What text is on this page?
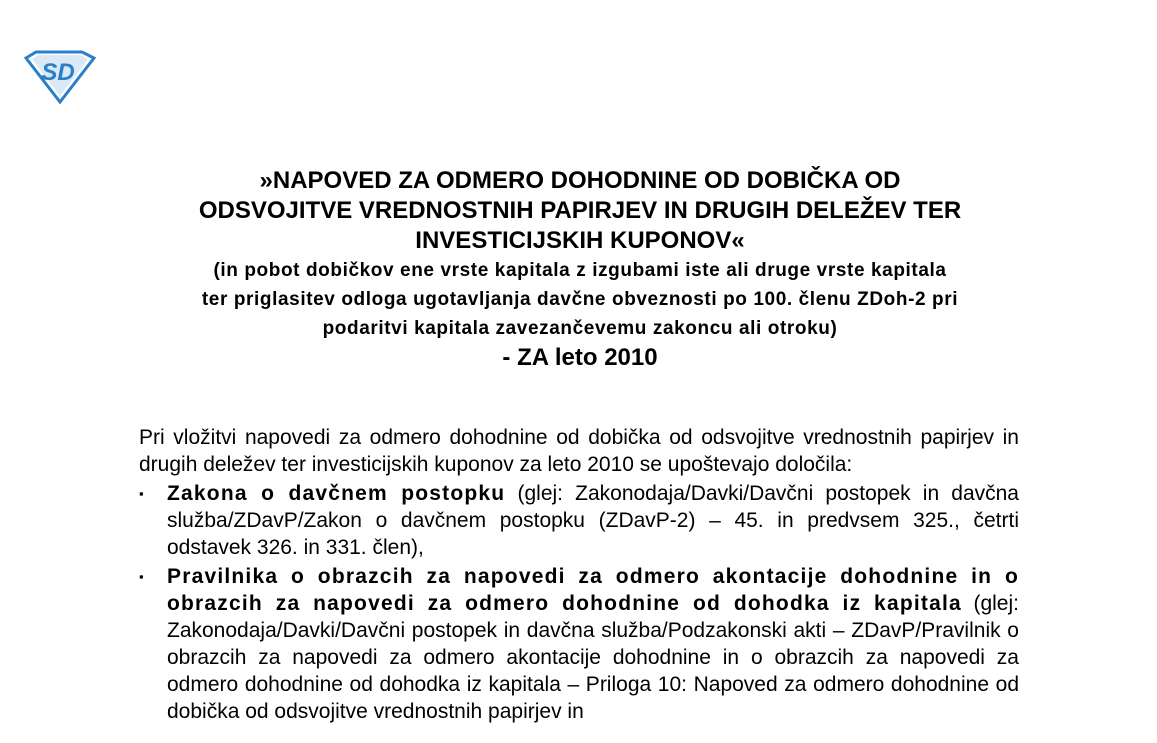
SD

»NAPOVED ZA ODMERO DOHODNINE OD DOBIČKA OD
ODSVOJITVE VREDNOSTNIH PAPIRJEV IN DRUGIH DELEŽEV TER
INVESTICIJSKIH KUPONOV«

(in pobot dobičkov ene vrste kapitala z izgubami iste ali druge vrste kapitala
ter priglasitev odloga ugotavljanja davčne obveznosti po 100. členu ZDoh-2 pri
podaritvi kapitala zavezančevemu zakoncu ali otroku)

- ZA leto 2010

Pri vložitvi napovedi za odmero dohodnine od dobička od odsvojitve vrednostnih papirjev in drugih deležev ter investicijskih kuponov za leto 2010 se upoštevajo določila:

▪ Zakona o davčnem postopku (glej: Zakonodaja/Davki/Davčni postopek in davčna služba/ZDavP/Zakon o davčnem postopku (ZDavP-2) – 45. in predvsem 325., četrti odstavek 326. in 331. člen),
▪ Pravilnika o obrazcih za napovedi za odmero akontacije dohodnine in o obrazcih za napovedi za odmero dohodnine od dohodka iz kapitala (glej: Zakonodaja/Davki/Davčni postopek in davčna služba/Podzakonski akti – ZDavP/Pravilnik o obrazcih za napovedi za odmero akontacije dohodnine in o obrazcih za napovedi za odmero dohodnine od dohodka iz kapitala – Priloga 10: Napoved za odmero dohodnine od dobička od odsvojitve vrednostnih papirjev in
